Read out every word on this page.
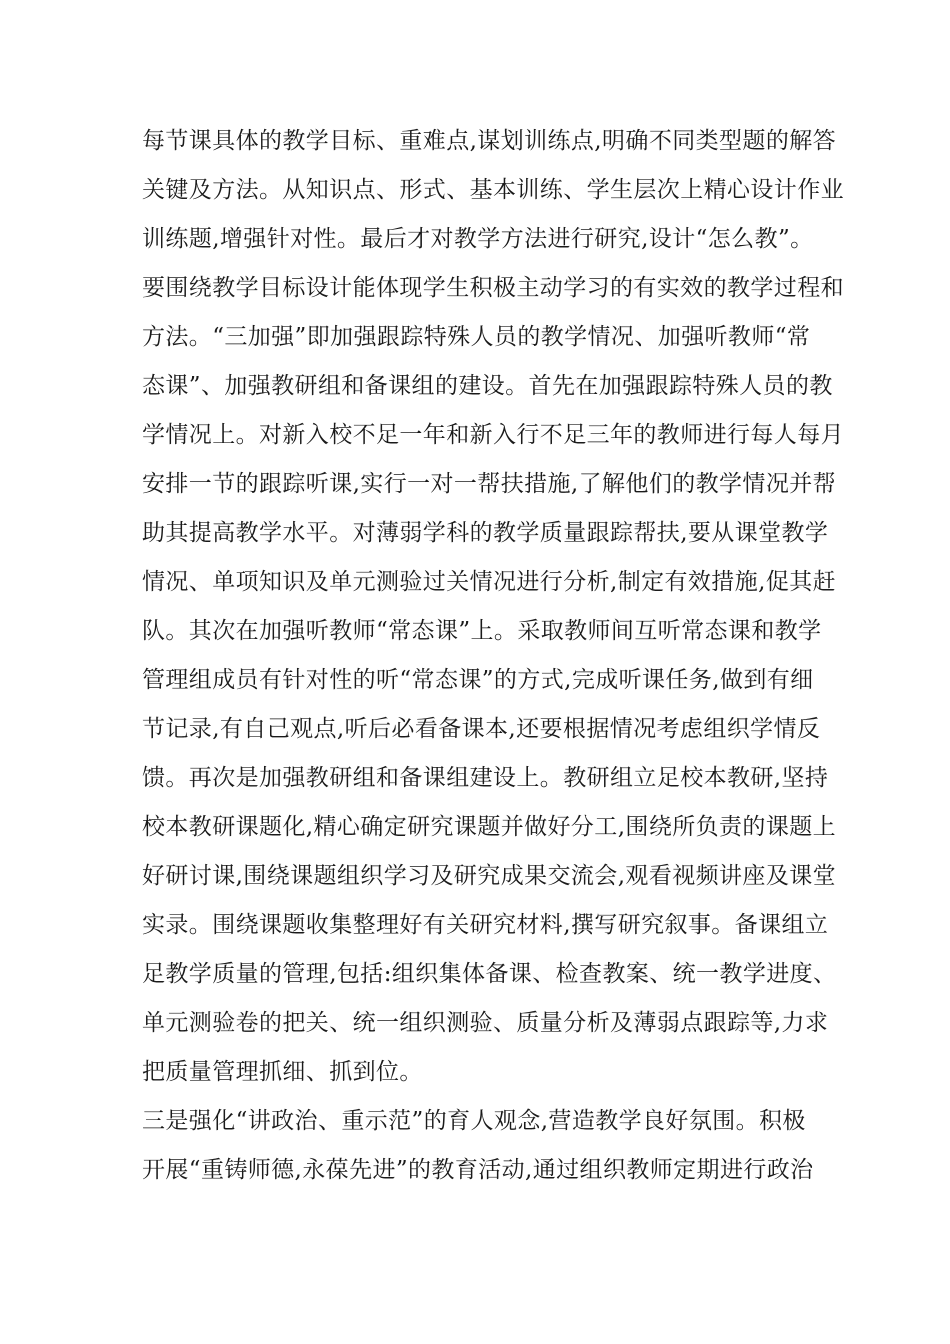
每节课具体的教学目标、重难点,谋划训练点,明确不同类型题的解答
关键及方法。从知识点、形式、基本训练、学生层次上精心设计作业
训练题,增强针对性。最后才对教学方法进行研究,设计“怎么教”。
要围绕教学目标设计能体现学生积极主动学习的有实效的教学过程和
方法。“三加强”即加强跟踪特殊人员的教学情况、加强听教师“常
态课”、加强教研组和备课组的建设。首先在加强跟踪特殊人员的教
学情况上。对新入校不足一年和新入行不足三年的教师进行每人每月
安排一节的跟踪听课,实行一对一帮扶措施,了解他们的教学情况并帮
助其提高教学水平。对薄弱学科的教学质量跟踪帮扶,要从课堂教学
情况、单项知识及单元测验过关情况进行分析,制定有效措施,促其赶
队。其次在加强听教师“常态课”上。采取教师间互听常态课和教学
管理组成员有针对性的听“常态课”的方式,完成听课任务,做到有细
节记录,有自己观点,听后必看备课本,还要根据情况考虑组织学情反
馈。再次是加强教研组和备课组建设上。教研组立足校本教研,坚持
校本教研课题化,精心确定研究课题并做好分工,围绕所负责的课题上
好研讨课,围绕课题组织学习及研究成果交流会,观看视频讲座及课堂
实录。围绕课题收集整理好有关研究材料,撰写研究叙事。备课组立
足教学质量的管理,包括:组织集体备课、检查教案、统一教学进度、
单元测验卷的把关、统一组织测验、质量分析及薄弱点跟踪等,力求
把质量管理抓细、抓到位。
三是强化“讲政治、重示范”的育人观念,营造教学良好氛围。积极
开展“重铸师德,永葆先进”的教育活动,通过组织教师定期进行政治
